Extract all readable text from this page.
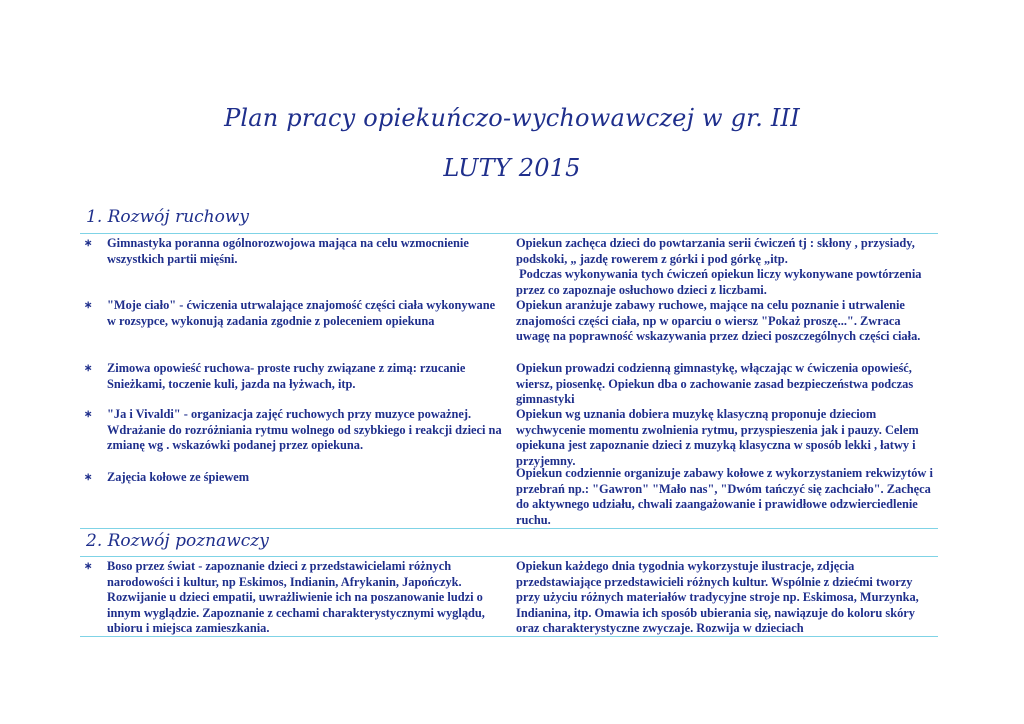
Plan pracy opiekuńczo-wychowawczej w gr. III
LUTY 2015
1. Rozwój ruchowy
∗ Gimnastyka poranna ogólnorozwojowa mająca na celu wzmocnienie wszystkich partii mięśni.
∗ "Moje ciało" - ćwiczenia utrwalające znajomość części ciała wykonywane w rozsypce, wykonują zadania zgodnie z poleceniem opiekuna
∗ Zimowa opowieść ruchowa- proste ruchy związane z zimą: rzucanie Snieżkami, toczenie kuli, jazda na łyżwach, itp.
∗ "Ja i Vivaldi" - organizacja zajęć ruchowych przy muzyce poważnej. Wdrażanie do rozróżniania rytmu wolnego od szybkiego i reakcji dzieci na zmianę wg . wskazówki podanej przez opiekuna.
∗ Zajęcia kołowe ze śpiewem
Opiekun zachęca dzieci do powtarzania serii ćwiczeń tj : skłony , przysiady, podskoki, „ jazdę rowerem z górki i pod górkę „itp.
Podczas wykonywania tych ćwiczeń opiekun liczy wykonywane powtórzenia przez co zapoznaje osłuchowo dzieci z liczbami.
Opiekun aranżuje zabawy ruchowe, mające na celu poznanie i utrwalenie znajomości części ciała, np w oparciu o wiersz "Pokaż proszę...". Zwraca uwagę na poprawność wskazywania przez dzieci poszczególnych części ciała.
Opiekun prowadzi codzienną gimnastykę, włączając w ćwiczenia opowieść, wiersz, piosenkę. Opiekun dba o zachowanie zasad bezpieczeństwa podczas gimnastyki
Opiekun wg uznania dobiera muzykę klasyczną proponuje dzieciom wychwycenie momentu zwolnienia rytmu, przyspieszenia jak i pauzy. Celem opiekuna jest zapoznanie dzieci z muzyką klasyczna w sposób lekki , łatwy i przyjemny.
Opiekun codziennie organizuje zabawy kołowe z wykorzystaniem rekwizytów i przebrań np.: "Gawron" "Mało nas", "Dwóm tańczyć się zachciało". Zachęca do aktywnego udziału, chwali zaangażowanie i prawidłowe odzwierciedlenie ruchu.
2. Rozwój poznawczy
∗ Boso przez świat - zapoznanie dzieci z przedstawicielami różnych narodowości i kultur, np Eskimos, Indianin, Afrykanin, Japończyk. Rozwijanie u dzieci empatii, uwrażliwienie ich na poszanowanie ludzi o innym wyglądzie. Zapoznanie z cechami charakterystycznymi wyglądu, ubioru i miejsca zamieszkania.
Opiekun każdego dnia tygodnia wykorzystuje ilustracje, zdjęcia przedstawiające przedstawicieli różnych kultur. Wspólnie z dziećmi tworzy przy użyciu różnych materiałów tradycyjne stroje np. Eskimosa, Murzynka, Indianina, itp. Omawia ich sposób ubierania się, nawiązuje do koloru skóry oraz charakterystyczne zwyczaje. Rozwija w dzieciach
